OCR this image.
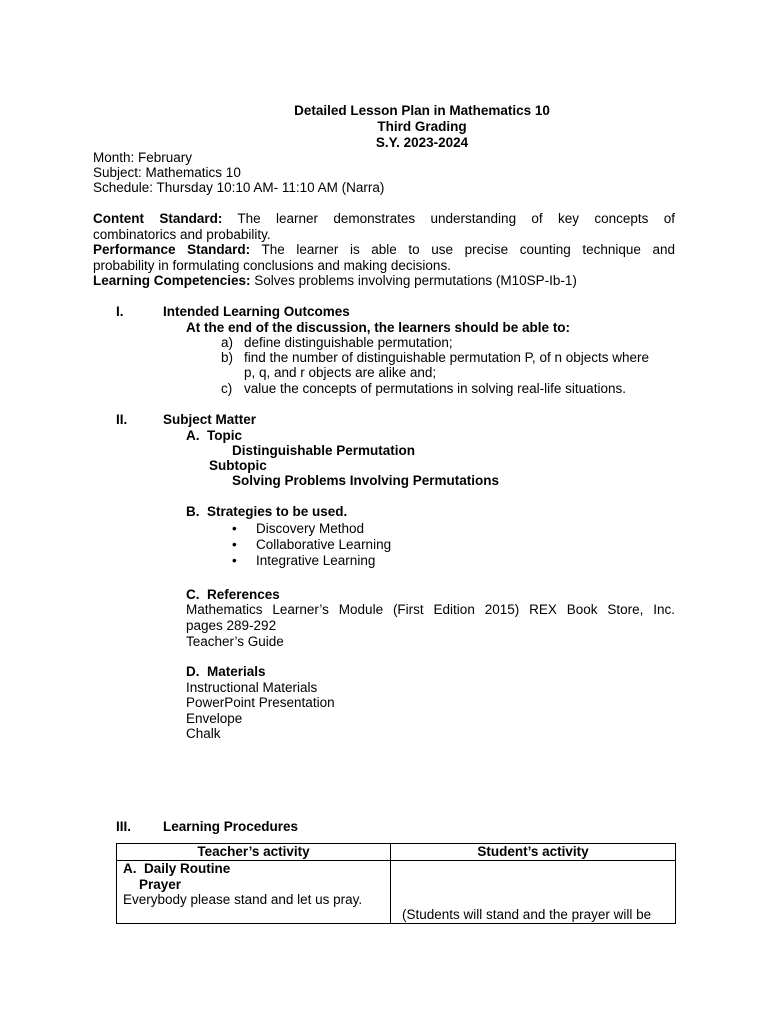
Detailed Lesson Plan in Mathematics 10
Third Grading
S.Y. 2023-2024
Month: February
Subject: Mathematics 10
Schedule: Thursday 10:10 AM- 11:10 AM (Narra)
Content Standard: The learner demonstrates understanding of key concepts of
combinatorics and probability.
Performance Standard: The learner is able to use precise counting technique and
probability in formulating conclusions and making decisions.
Learning Competencies: Solves problems involving permutations (M10SP-Ib-1)
I.	Intended Learning Outcomes
At the end of the discussion, the learners should be able to:
a) define distinguishable permutation;
b) find the number of distinguishable permutation P, of n objects where
p, q, and r objects are alike and;
c) value the concepts of permutations in solving real-life situations.
II.	Subject Matter
A.  Topic
Distinguishable Permutation
Subtopic
Solving Problems Involving Permutations
B.  Strategies to be used.
• Discovery Method
• Collaborative Learning
• Integrative Learning
C.  References
Mathematics Learner’s Module (First Edition 2015) REX Book Store, Inc.
pages 289-292
Teacher’s Guide
D.  Materials
Instructional Materials
PowerPoint Presentation
Envelope
Chalk
III. Learning Procedures
Teacher’s activity	Student’s activity

A.  Daily Routine
Prayer
Everybody please stand and let us pray.	(Students will stand and the prayer will be
